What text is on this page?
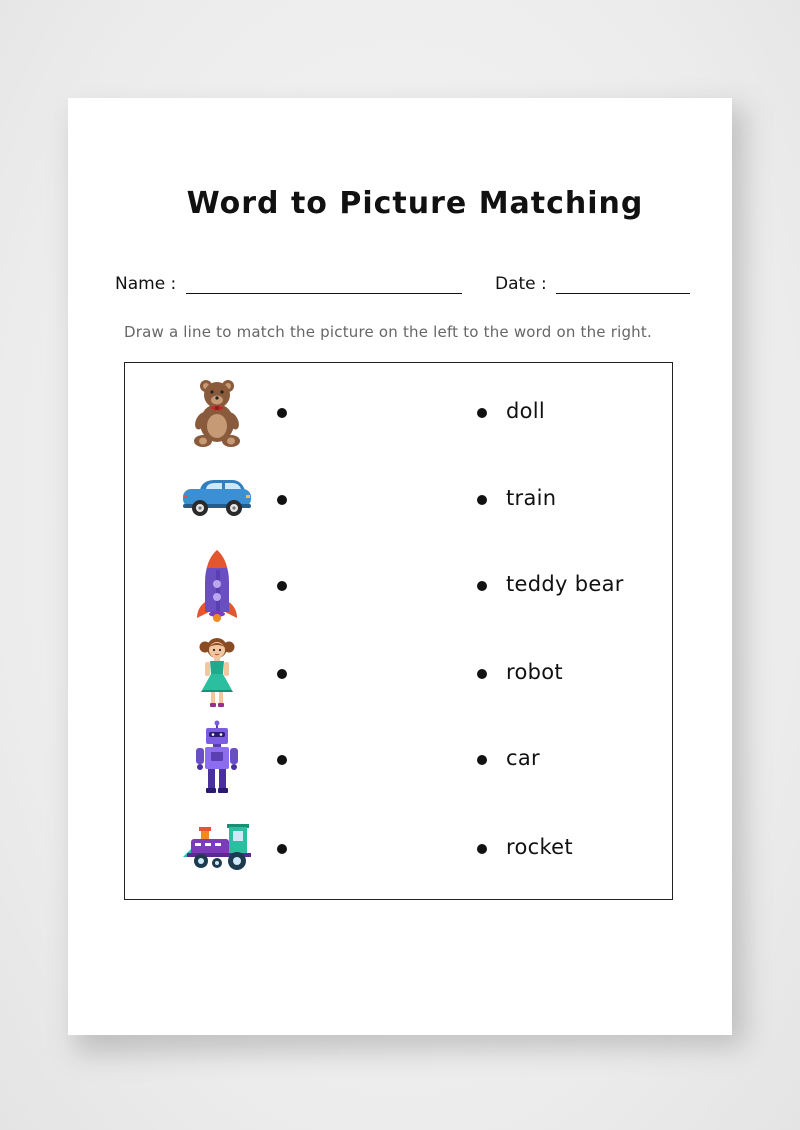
Word to Picture Matching
Name :	Date :
Draw a line to match the picture on the left to the word on the right.
doll
train
teddy bear
robot
car
rocket
